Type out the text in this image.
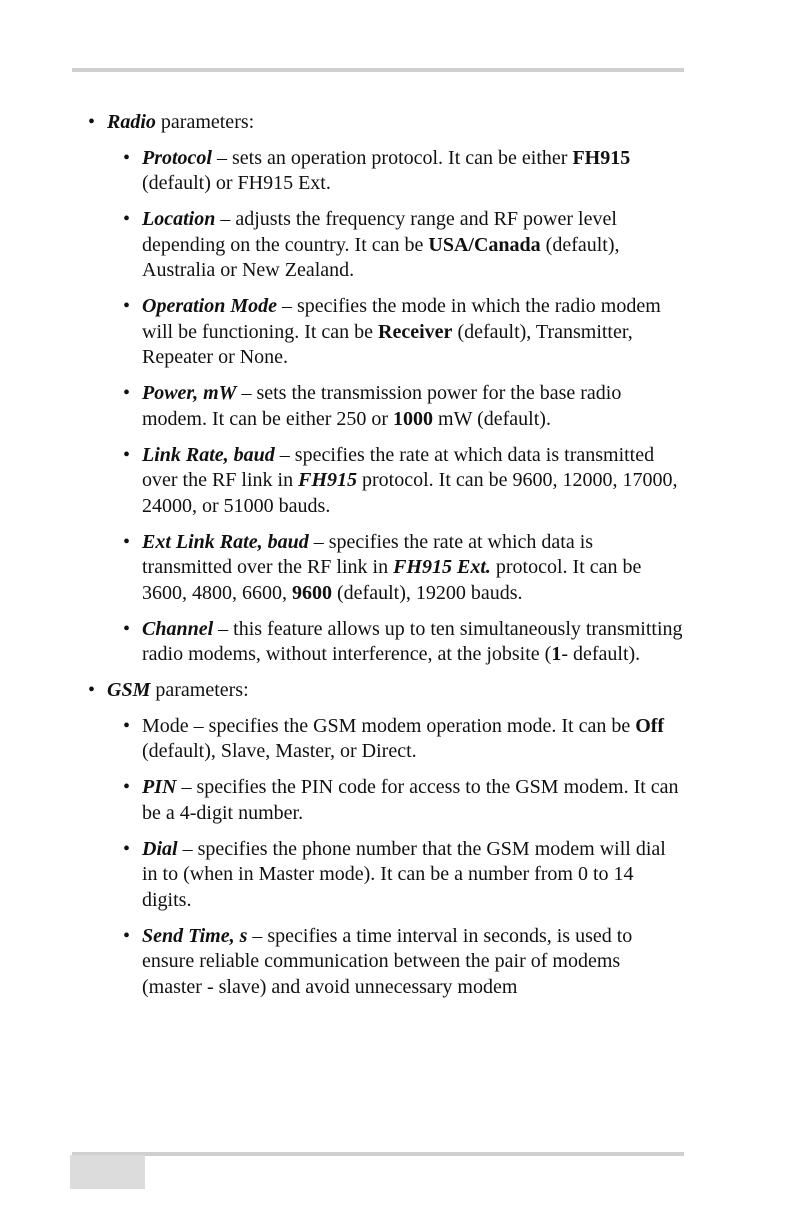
• Radio parameters:
• Protocol – sets an operation protocol. It can be either FH915 (default) or FH915 Ext.
• Location – adjusts the frequency range and RF power level depending on the country. It can be USA/Canada (default), Australia or New Zealand.
• Operation Mode – specifies the mode in which the radio modem will be functioning. It can be Receiver (default), Transmitter, Repeater or None.
• Power, mW – sets the transmission power for the base radio modem. It can be either 250 or 1000 mW (default).
• Link Rate, baud – specifies the rate at which data is transmitted over the RF link in FH915 protocol. It can be 9600, 12000, 17000, 24000, or 51000 bauds.
• Ext Link Rate, baud – specifies the rate at which data is transmitted over the RF link in FH915 Ext. protocol. It can be 3600, 4800, 6600, 9600 (default), 19200 bauds.
• Channel – this feature allows up to ten simultaneously transmitting radio modems, without interference, at the jobsite (1- default).
• GSM parameters:
• Mode – specifies the GSM modem operation mode. It can be Off (default), Slave, Master, or Direct.
• PIN – specifies the PIN code for access to the GSM modem. It can be a 4-digit number.
• Dial – specifies the phone number that the GSM modem will dial in to (when in Master mode). It can be a number from 0 to 14 digits.
• Send Time, s – specifies a time interval in seconds, is used to ensure reliable communication between the pair of modems (master - slave) and avoid unnecessary modem
